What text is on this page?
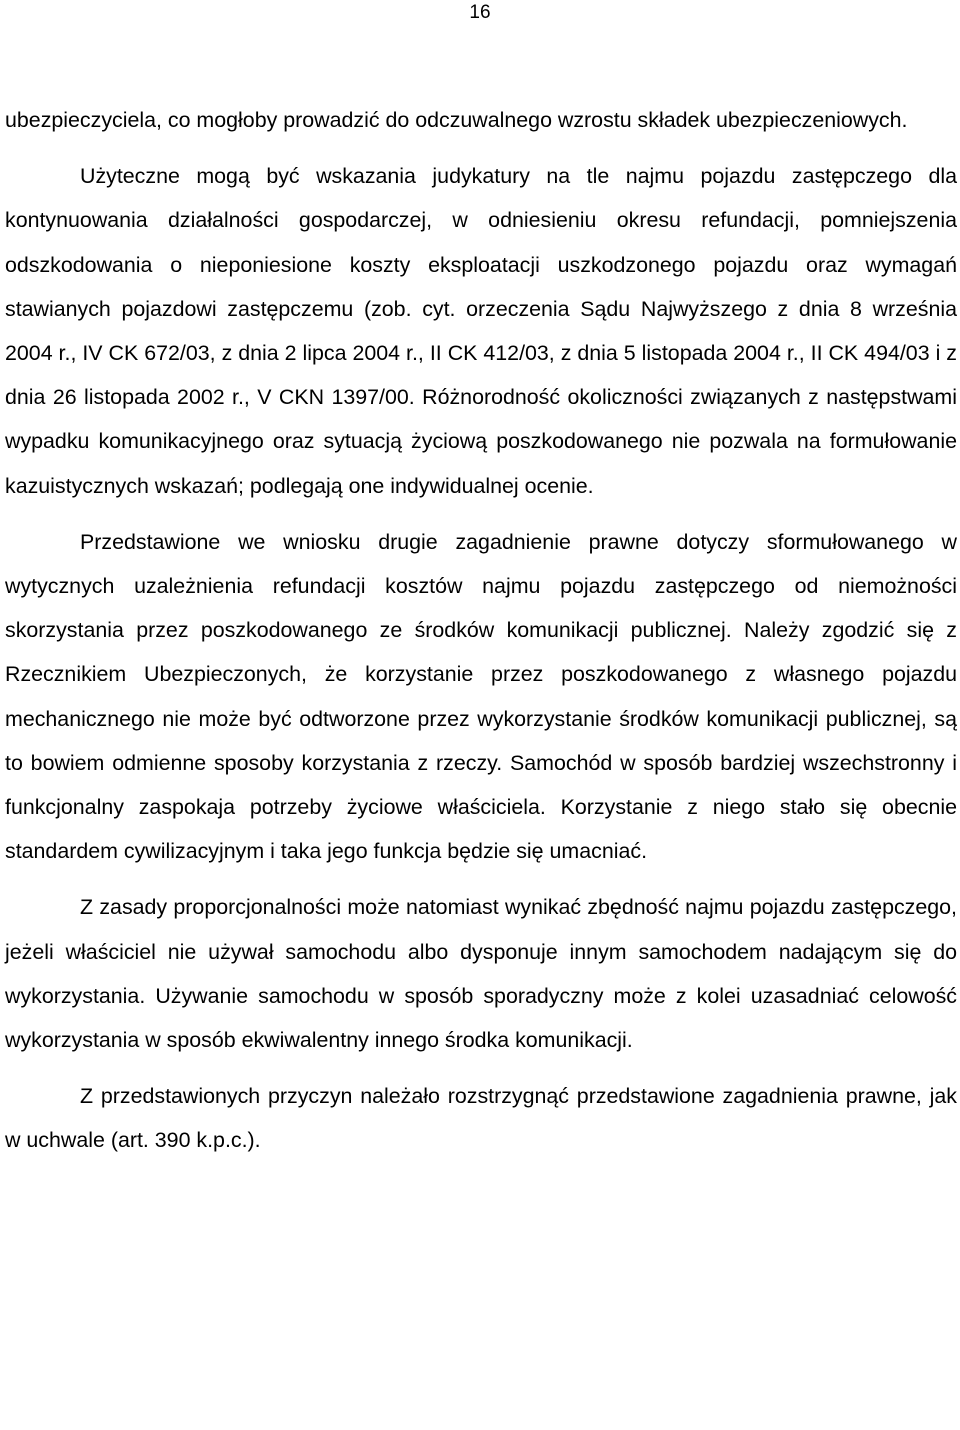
16

ubezpieczyciela, co mogłoby prowadzić do odczuwalnego wzrostu składek ubezpieczeniowych.

Użyteczne mogą być wskazania judykatury na tle najmu pojazdu zastępczego dla kontynuowania działalności gospodarczej, w odniesieniu okresu refundacji, pomniejszenia odszkodowania o nieponiesione koszty eksploatacji uszkodzonego pojazdu oraz wymagań stawianych pojazdowi zastępczemu (zob. cyt. orzeczenia Sądu Najwyższego z dnia 8 września 2004 r., IV CK 672/03, z dnia 2 lipca 2004 r., II CK 412/03, z dnia 5 listopada 2004 r., II CK 494/03 i z dnia 26 listopada 2002 r., V CKN 1397/00. Różnorodność okoliczności związanych z następstwami wypadku komunikacyjnego oraz sytuacją życiową poszkodowanego nie pozwala na formułowanie kazuistycznych wskazań; podlegają one indywidualnej ocenie.

Przedstawione we wniosku drugie zagadnienie prawne dotyczy sformułowanego w wytycznych uzależnienia refundacji kosztów najmu pojazdu zastępczego od niemożności skorzystania przez poszkodowanego ze środków komunikacji publicznej. Należy zgodzić się z Rzecznikiem Ubezpieczonych, że korzystanie przez poszkodowanego z własnego pojazdu mechanicznego nie może być odtworzone przez wykorzystanie środków komunikacji publicznej, są to bowiem odmienne sposoby korzystania z rzeczy. Samochód w sposób bardziej wszechstronny i funkcjonalny zaspokaja potrzeby życiowe właściciela. Korzystanie z niego stało się obecnie standardem cywilizacyjnym i taka jego funkcja będzie się umacniać.

Z zasady proporcjonalności może natomiast wynikać zbędność najmu pojazdu zastępczego, jeżeli właściciel nie używał samochodu albo dysponuje innym samochodem nadającym się do wykorzystania. Używanie samochodu w sposób sporadyczny może z kolei uzasadniać celowość wykorzystania w sposób ekwiwalentny innego środka komunikacji.

Z przedstawionych przyczyn należało rozstrzygnąć przedstawione zagadnienia prawne, jak w uchwale (art. 390 k.p.c.).
